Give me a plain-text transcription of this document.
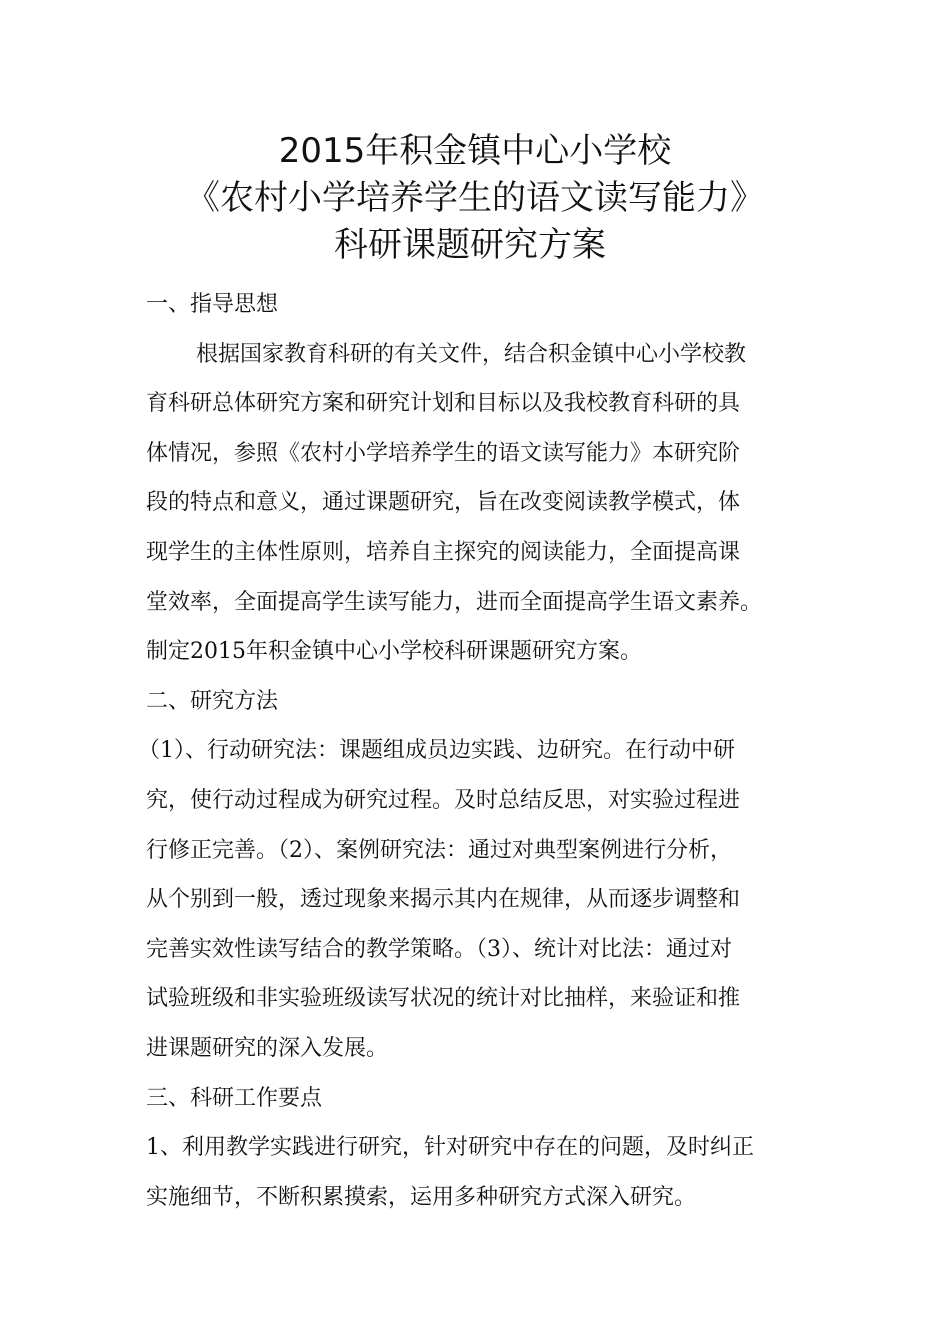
2015年积金镇中心小学校
《农村小学培养学生的语文读写能力》
科研课题研究方案
一、指导思想
根据国家教育科研的有关文件，结合积金镇中心小学校教
育科研总体研究方案和研究计划和目标以及我校教育科研的具
体情况，参照《农村小学培养学生的语文读写能力》本研究阶
段的特点和意义，通过课题研究，旨在改变阅读教学模式，体
现学生的主体性原则，培养自主探究的阅读能力，全面提高课
堂效率，全面提高学生读写能力，进而全面提高学生语文素养。
制定2015年积金镇中心小学校科研课题研究方案。
二、研究方法
（1）、行动研究法：课题组成员边实践、边研究。在行动中研
究，使行动过程成为研究过程。及时总结反思，对实验过程进
行修正完善。（2）、案例研究法：通过对典型案例进行分析，
从个别到一般，透过现象来揭示其内在规律，从而逐步调整和
完善实效性读写结合的教学策略。（3）、统计对比法：通过对
试验班级和非实验班级读写状况的统计对比抽样，来验证和推
进课题研究的深入发展。
三、科研工作要点
1、利用教学实践进行研究，针对研究中存在的问题，及时纠正
实施细节，不断积累摸索，运用多种研究方式深入研究。
